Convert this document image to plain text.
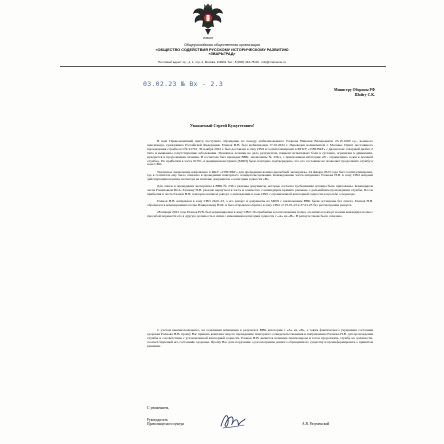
ИЗБОР
Общероссийская общественная организация
«ОБЩЕСТВО СОДЕЙСТВИЯ РУССКОМУ ИСТОРИЧЕСКОМУ РАЗВИТИЮ
«ЗВАРЬГРАД»
Почтовый адрес: пр., д. 1, стр. 2, Москва, 119991 Тел.: 8 (800) 444-78-09 · info@znamenie.ru
03.02.23 № Вх - 2.3
Министру Обороны РФ
Шойгу С.К.
Уважаемый Сергей Кужугетович!

В наш Правозащитный центр поступило обращение по поводу мобилизованного Еханова Николая Валерьевича 25.10.1969 г.р., военного пенсионера, гражданина Российской Федерации. Еханов Н.В. был мобилизован 17.10.2022 г. Переведен военкоматом г. Москвы. Пункт постоянного прохождения службы в/ч № 91701. 30 ноября 2022 г. был доставлен в зону СВО и госпитализирован в ФГКУ «1586 ВКГ» с диагнозом: сахарный диабет 2 типа и выявлены сопутствующие заболевания. Указанное лечение не дало результатов, пациент испытывает боли в суставах, ограничен в движениях, нуждается в продолжении лечения. В госпитале был проведен ВВК, заключение № 236-з, с присвоением категории «В - ограниченно годен к военной службе». По прибытии в часть 91701, в медицинском пункте (МПП) было повторно подтверждено, что его состояние не позволяет продолжить службу в зоне СВО.

Указанное заключение направлено в ФКУ «1586 ВКГ» для проведения военно-врачебной экспертизы. 24 января 2023 года был госпитализирован, где в госпитале ему было отказано в проведении повторного освидетельствования. Командование части направило Еханова Н.В. в зону СВО вопреки действующим нормам, несмотря на наличие документов о категории годности «В».

Для отказа в проведении экспертизы в ВВК № 236-з указаны документы, которые согласно требованиям должны быть приложены. Командиром части Романовым Ю.А. Еханову Н.В. указано вернуться в часть и совместно с командиром принять решение о дальнейшем прохождении службы. После прибытия в часть Еханов Н.В. повторно написал рапорт о нахождении в зоне СВО с ограниченной категорией годности и просьбе о переводе.

Еханов Н.В. направлен в зону СВО 26.01.23, а его рапорт и документы из МПП с заключением ВВК были оставлены без ответа. Еханов Н.В. обращался к командованию полка Панкратьеву Н.М. и был отправлен обратно в зону СВО от 25.01.23 и 27.01.23 без рассмотрения рапорта.

28 января 2023 года Еханов Н.В. был командирован в зону СВО. По прибытии в расположение полка, он написал рапорт на имя командира полка с просьбой перевести его в другую должность в связи с изменением категории годности с «А» на «В». В рапорте также было отказано.

С учетом вышеизложенного, на основании изменения в результате ВВК категории с «А» на «В», а также фактического ухудшения состояния здоровья Еханова Н.В. прошу Вас принять комплекс мер по проведению повторного освидетельствования и направлению Еханова Н.В. для прохождения службы в соответствии с установленной категорией годности. Еханов Н.В. является военным пенсионером и готов продолжить службу на должности, соответствующей его состоянию здоровья. Прошу Вас дать поручение о рассмотрении данного обращения по существу и проинформировать о принятом решении.

С уважением,
Руководитель
Правозащитного центра	А.В. Разуменский
